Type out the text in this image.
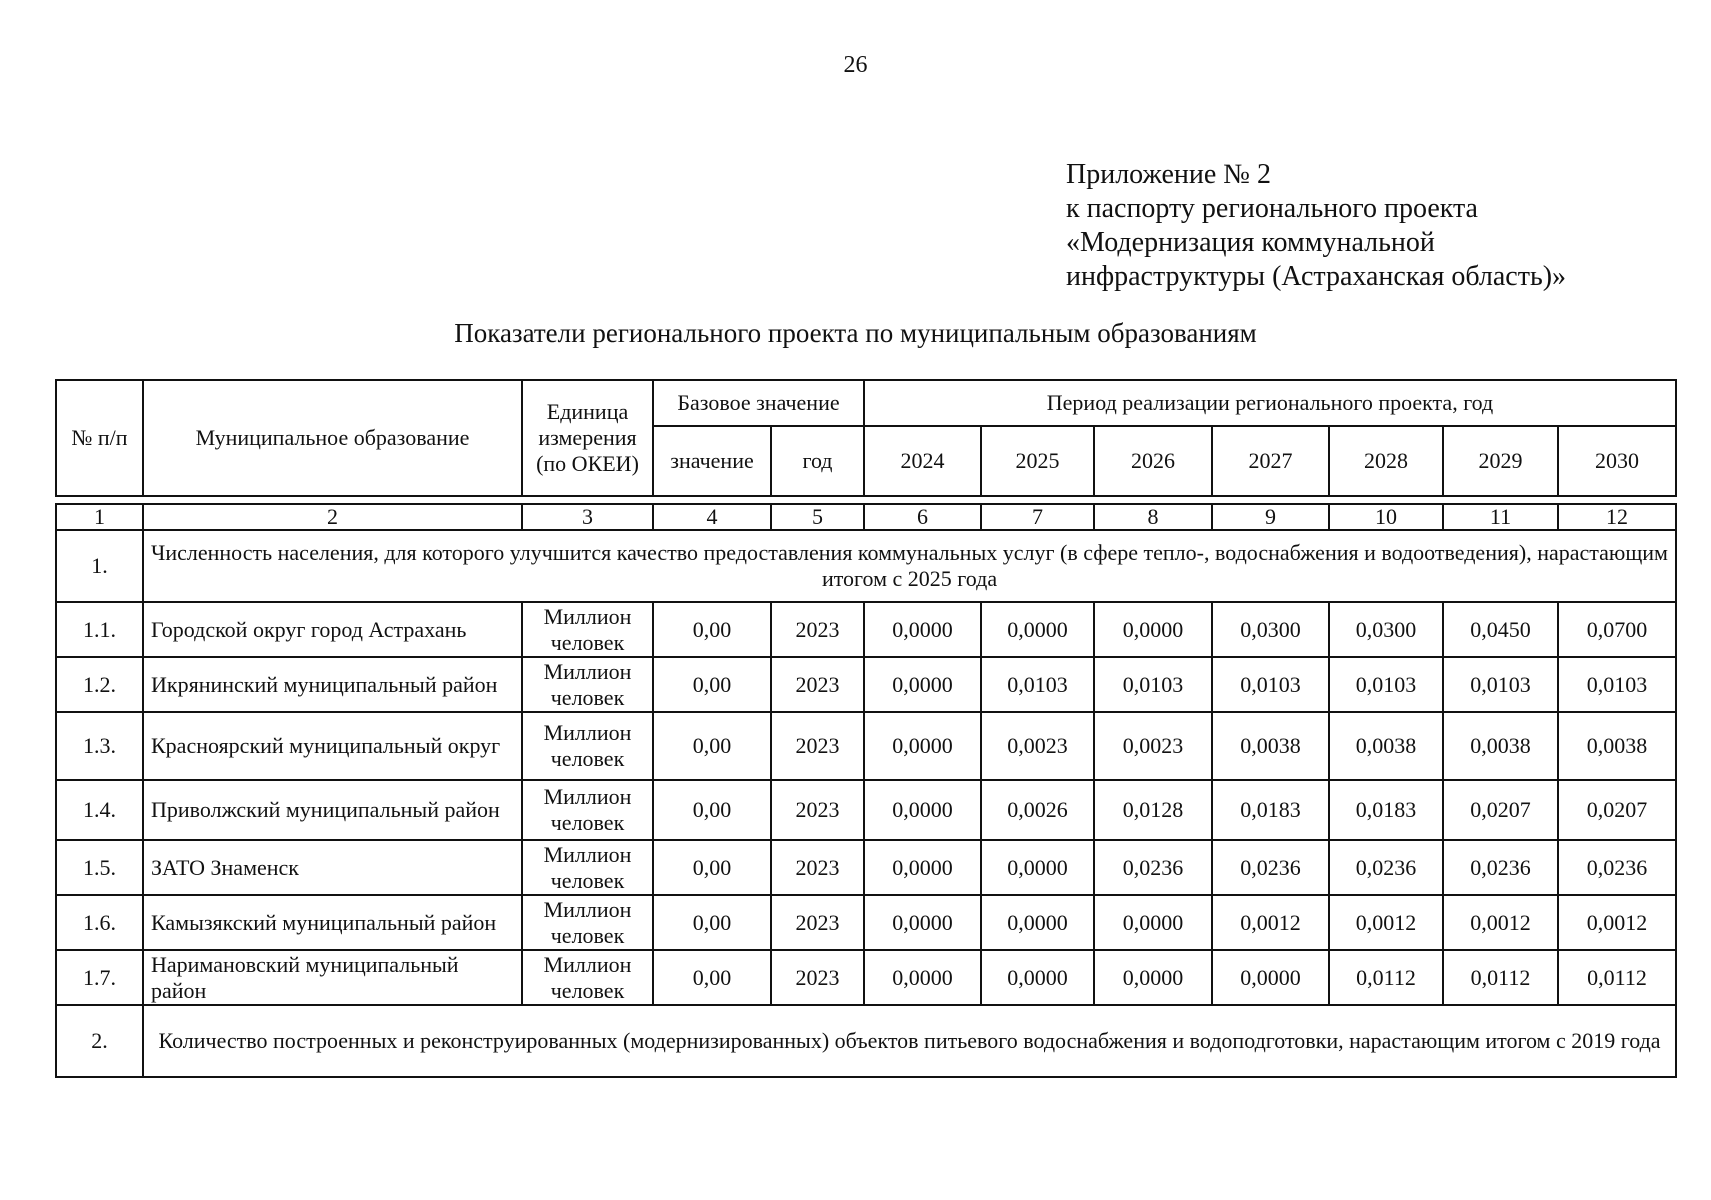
26
Приложение № 2
к паспорту регионального проекта
«Модернизация коммунальной
инфраструктуры (Астраханская область)»
Показатели регионального проекта по муниципальным образованиям
№ п/п	Муниципальное образование	Единица измерения (по ОКЕИ)	Базовое значение		Период реализации регионального проекта, год						
			значение	год	2024	2025	2026	2027	2028	2029	2030

1	2	3	4	5	6	7	8	9	10	11	12
1.	Численность населения, для которого улучшится качество предоставления коммунальных услуг (в сфере тепло-, водоснабжения и водоотведения), нарастающим итогом с 2025 года										
1.1.	Городской округ город Астрахань	Миллион человек	0,00	2023	0,0000	0,0000	0,0000	0,0300	0,0300	0,0450	0,0700
1.2.	Икрянинский муниципальный район	Миллион человек	0,00	2023	0,0000	0,0103	0,0103	0,0103	0,0103	0,0103	0,0103
1.3.	Красноярский муниципальный округ	Миллион человек	0,00	2023	0,0000	0,0023	0,0023	0,0038	0,0038	0,0038	0,0038
1.4.	Приволжский муниципальный район	Миллион человек	0,00	2023	0,0000	0,0026	0,0128	0,0183	0,0183	0,0207	0,0207
1.5.	ЗАТО Знаменск	Миллион человек	0,00	2023	0,0000	0,0000	0,0236	0,0236	0,0236	0,0236	0,0236
1.6.	Камызякский муниципальный район	Миллион человек	0,00	2023	0,0000	0,0000	0,0000	0,0012	0,0012	0,0012	0,0012
1.7.	Наримановский муниципальный район	Миллион человек	0,00	2023	0,0000	0,0000	0,0000	0,0000	0,0112	0,0112	0,0112
2.	Количество построенных и реконструированных (модернизированных) объектов питьевого водоснабжения и водоподготовки, нарастающим итогом с 2019 года										
